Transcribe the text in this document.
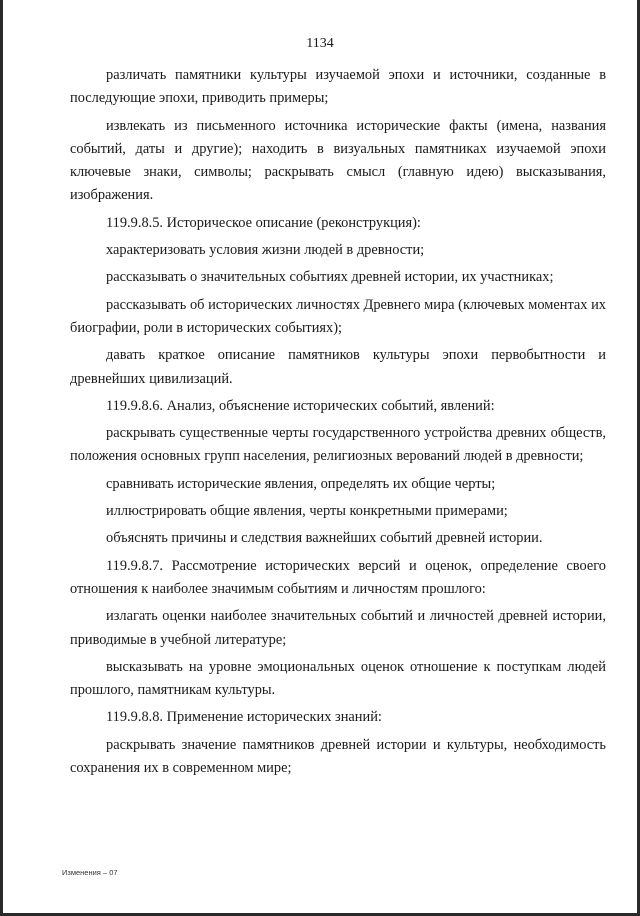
1134

различать памятники культуры изучаемой эпохи и источники, созданные в последующие эпохи, приводить примеры;

извлекать из письменного источника исторические факты (имена, названия событий, даты и другие); находить в визуальных памятниках изучаемой эпохи ключевые знаки, символы; раскрывать смысл (главную идею) высказывания, изображения.

119.9.8.5. Историческое описание (реконструкция):

характеризовать условия жизни людей в древности;

рассказывать о значительных событиях древней истории, их участниках;

рассказывать об исторических личностях Древнего мира (ключевых моментах их биографии, роли в исторических событиях);

давать краткое описание памятников культуры эпохи первобытности и древнейших цивилизаций.

119.9.8.6. Анализ, объяснение исторических событий, явлений:

раскрывать существенные черты государственного устройства древних обществ, положения основных групп населения, религиозных верований людей в древности;

сравнивать исторические явления, определять их общие черты;

иллюстрировать общие явления, черты конкретными примерами;

объяснять причины и следствия важнейших событий древней истории.

119.9.8.7. Рассмотрение исторических версий и оценок, определение своего отношения к наиболее значимым событиям и личностям прошлого:

излагать оценки наиболее значительных событий и личностей древней истории, приводимые в учебной литературе;

высказывать на уровне эмоциональных оценок отношение к поступкам людей прошлого, памятникам культуры.

119.9.8.8. Применение исторических знаний:

раскрывать значение памятников древней истории и культуры, необходимость сохранения их в современном мире;

Изменения – 07
